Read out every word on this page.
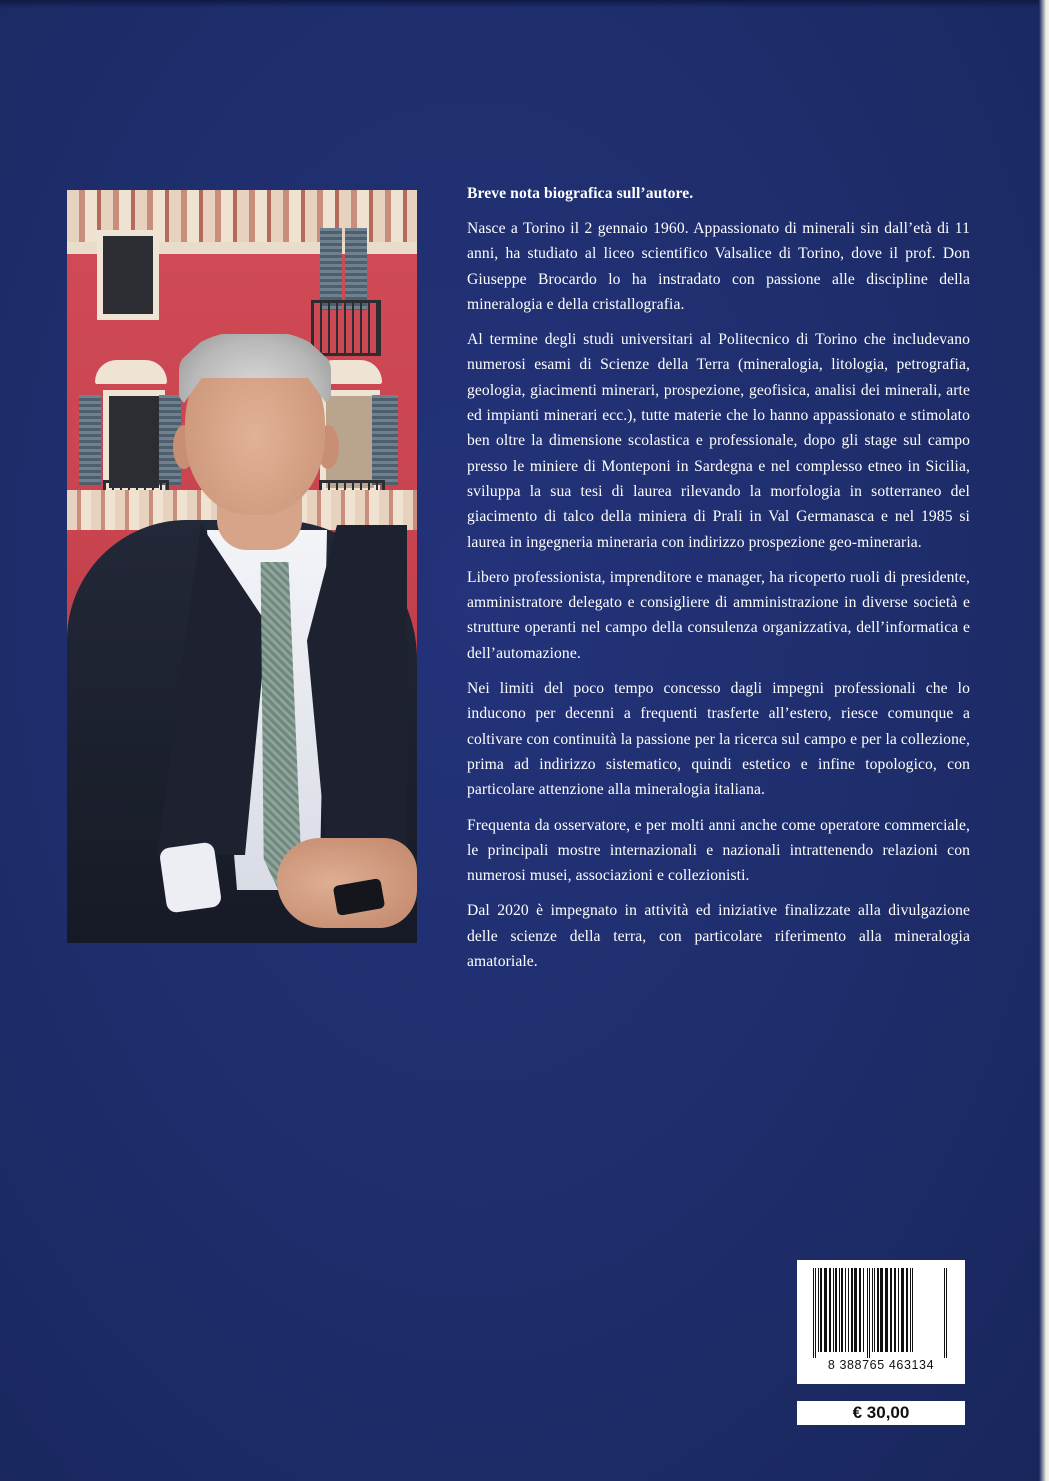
Breve nota biografica sull’autore.

Nasce a Torino il 2 gennaio 1960. Appassionato di minerali sin dall’età di 11 anni, ha studiato al liceo scientifico Valsalice di Torino, dove il prof. Don Giuseppe Brocardo lo ha instradato con passione alle discipline della mineralogia e della cristallografia.

Al termine degli studi universitari al Politecnico di Torino che includevano numerosi esami di Scienze della Terra (mineralogia, litologia, petrografia, geologia, giacimenti minerari, prospezione, geofisica, analisi dei minerali, arte ed impianti minerari ecc.), tutte materie che lo hanno appassionato e stimolato ben oltre la dimensione scolastica e professionale, dopo gli stage sul campo presso le miniere di Monteponi in Sardegna e nel complesso etneo in Sicilia, sviluppa la sua tesi di laurea rilevando la morfologia in sotterraneo del giacimento di talco della miniera di Prali in Val Germanasca e nel 1985 si laurea in ingegneria mineraria con indirizzo prospezione geo-mineraria.

Libero professionista, imprenditore e manager, ha ricoperto ruoli di presidente, amministratore delegato e consigliere di amministrazione in diverse società e strutture operanti nel campo della consulenza organizzativa, dell’informatica e dell’automazione.

Nei limiti del poco tempo concesso dagli impegni professionali che lo inducono per decenni a frequenti trasferte all’estero, riesce comunque a coltivare con continuità la passione per la ricerca sul campo e per la collezione, prima ad indirizzo sistematico, quindi estetico e infine topologico, con particolare attenzione alla mineralogia italiana.

Frequenta da osservatore, e per molti anni anche come operatore commerciale, le principali mostre internazionali e nazionali intrattenendo relazioni con numerosi musei, associazioni e collezionisti.

Dal 2020 è impegnato in attività ed iniziative finalizzate alla divulgazione delle scienze della terra, con particolare riferimento alla mineralogia amatoriale.

8 388765 463134
€ 30,00
